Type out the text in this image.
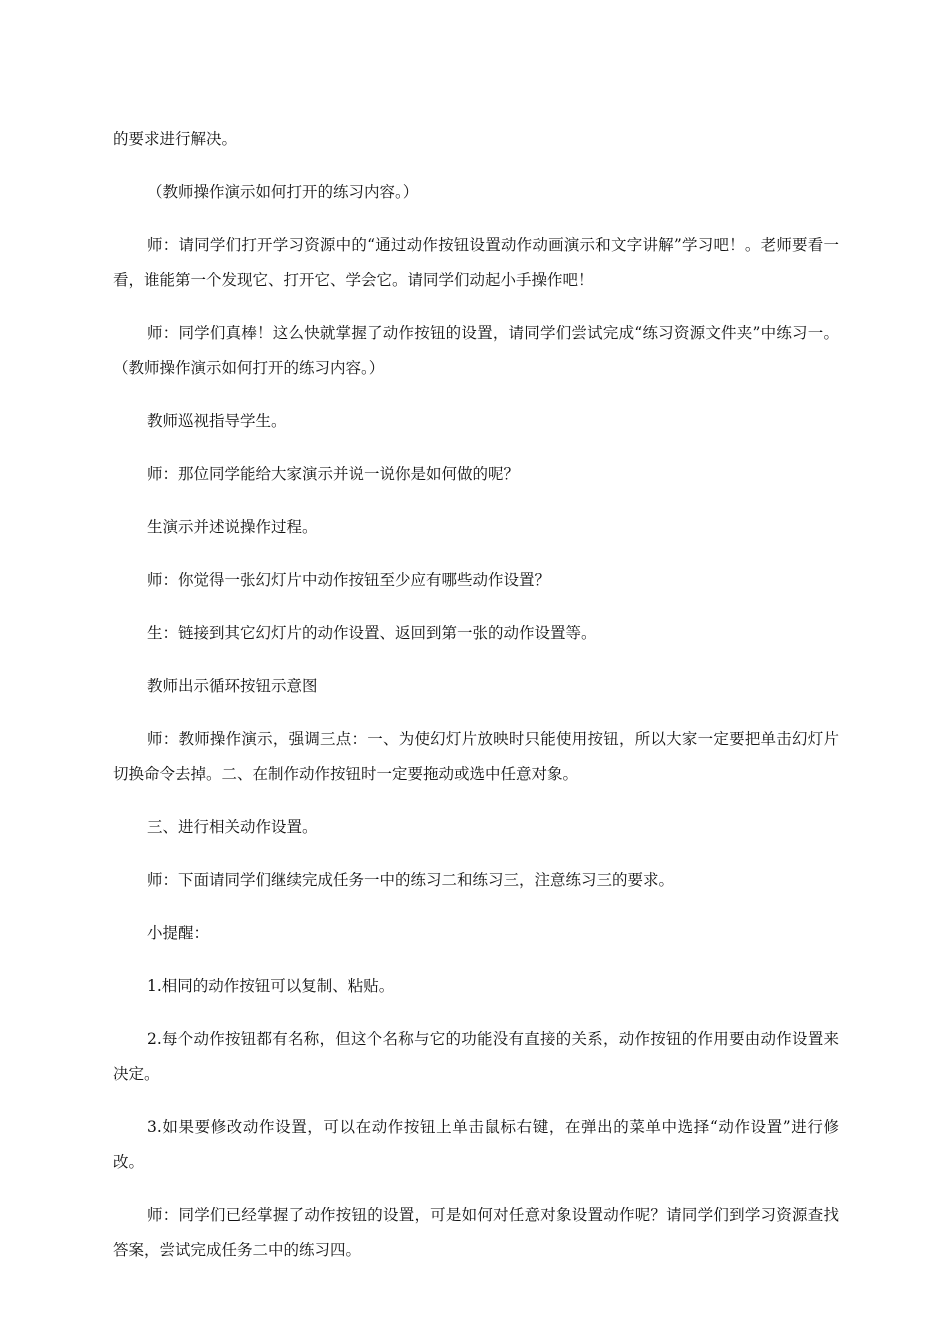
的要求进行解决。

（教师操作演示如何打开的练习内容。）

师：请同学们打开学习资源中的“通过动作按钮设置动作动画演示和文字讲解”学习吧！。老师要看一看，谁能第一个发现它、打开它、学会它。请同学们动起小手操作吧！

师：同学们真棒！这么快就掌握了动作按钮的设置，请同学们尝试完成“练习资源文件夹”中练习一。（教师操作演示如何打开的练习内容。）

教师巡视指导学生。

师：那位同学能给大家演示并说一说你是如何做的呢？

生演示并述说操作过程。

师：你觉得一张幻灯片中动作按钮至少应有哪些动作设置？

生：链接到其它幻灯片的动作设置、返回到第一张的动作设置等。

教师出示循环按钮示意图

师：教师操作演示，强调三点：一、为使幻灯片放映时只能使用按钮，所以大家一定要把单击幻灯片切换命令去掉。二、在制作动作按钮时一定要拖动或选中任意对象。

三、进行相关动作设置。

师：下面请同学们继续完成任务一中的练习二和练习三，注意练习三的要求。

小提醒：

1.相同的动作按钮可以复制、粘贴。

2.每个动作按钮都有名称，但这个名称与它的功能没有直接的关系，动作按钮的作用要由动作设置来决定。

3.如果要修改动作设置，可以在动作按钮上单击鼠标右键，在弹出的菜单中选择“动作设置”进行修改。

师：同学们已经掌握了动作按钮的设置，可是如何对任意对象设置动作呢？请同学们到学习资源查找答案，尝试完成任务二中的练习四。
